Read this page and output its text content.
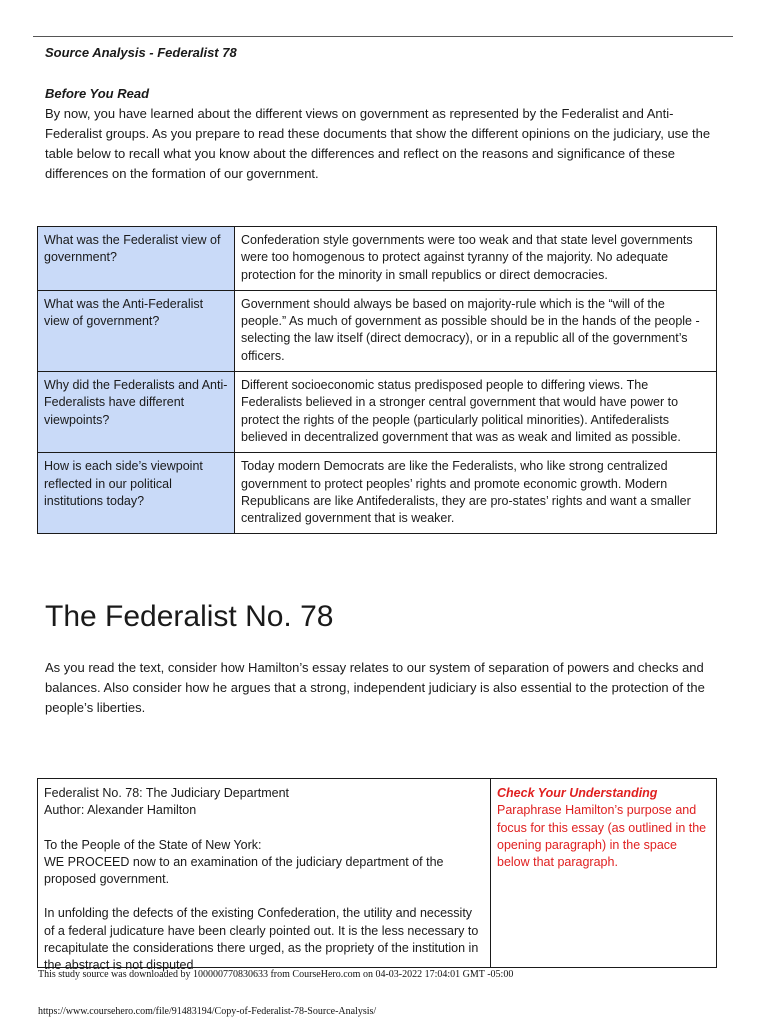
Source Analysis - Federalist 78
Before You Read

By now, you have learned about the different views on government as represented by the Federalist and Anti-Federalist groups. As you prepare to read these documents that show the different opinions on the judiciary, use the table below to recall what you know about the differences and reflect on the reasons and significance of these differences on the formation of our government.

What was the Federalist view of government?	Confederation style governments were too weak and that state level governments were too homogenous to protect against tyranny of the majority. No adequate protection for the minority in small republics or direct democracies.
What was the Anti-Federalist view of government?	Government should always be based on majority-rule which is the “will of the people.” As much of government as possible should be in the hands of the people - selecting the law itself (direct democracy), or in a republic all of the government’s officers.
Why did the Federalists and Anti-Federalists have different viewpoints?	Different socioeconomic status predisposed people to differing views. The Federalists believed in a stronger central government that would have power to protect the rights of the people (particularly political minorities). Antifederalists believed in decentralized government that was as weak and limited as possible.
How is each side’s viewpoint reflected in our political institutions today?	Today modern Democrats are like the Federalists, who like strong centralized government to protect peoples’ rights and promote economic growth. Modern Republicans are like Antifederalists, they are pro-states’ rights and want a smaller centralized government that is weaker.
The Federalist No. 78

As you read the text, consider how Hamilton’s essay relates to our system of separation of powers and checks and balances. Also consider how he argues that a strong, independent judiciary is also essential to the protection of the people’s liberties.

Federalist No. 78: The Judiciary Department
Author: Alexander Hamilton
To the People of the State of New York:
WE PROCEED now to an examination of the judiciary department of the proposed government.
In unfolding the defects of the existing Confederation, the utility and necessity of a federal judicature have been clearly pointed out. It is the less necessary to recapitulate the considerations there urged, as the propriety of the institution in the abstract is not disputed

Check Your Understanding
Paraphrase Hamilton’s purpose and focus for this essay (as outlined in the opening paragraph) in the space below that paragraph.
This study source was downloaded by 100000770830633 from CourseHero.com on 04-03-2022 17:04:01 GMT -05:00
https://www.coursehero.com/file/91483194/Copy-of-Federalist-78-Source-Analysis/
